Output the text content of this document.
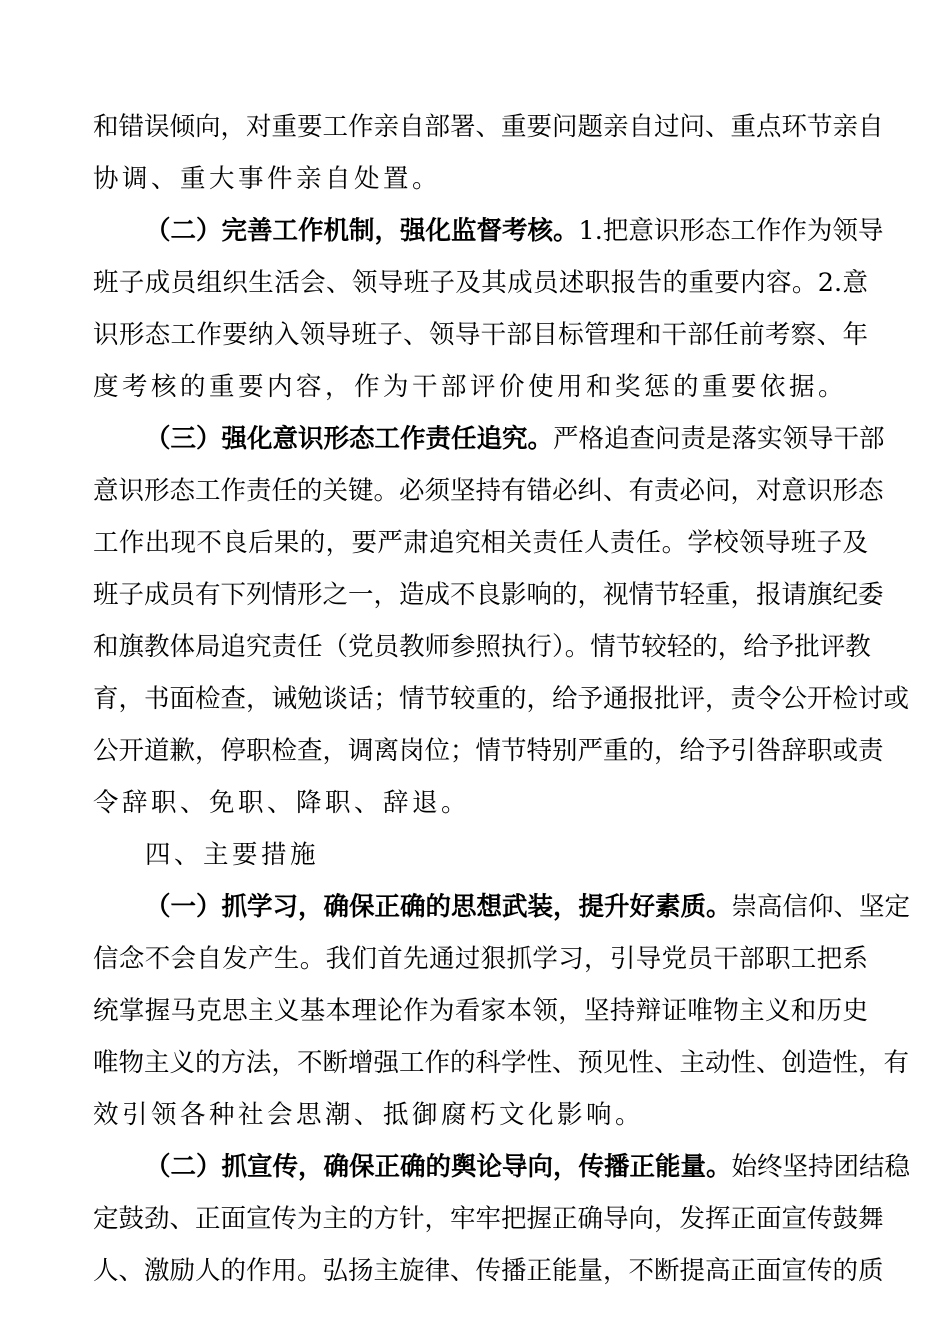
和错误倾向，对重要工作亲自部署、重要问题亲自过问、重点环节亲自
协调、重大事件亲自处置。
（二）完善工作机制，强化监督考核。1.把意识形态工作作为领导
班子成员组织生活会、领导班子及其成员述职报告的重要内容。2.意
识形态工作要纳入领导班子、领导干部目标管理和干部任前考察、年
度考核的重要内容，作为干部评价使用和奖惩的重要依据。
（三）强化意识形态工作责任追究。严格追查问责是落实领导干部
意识形态工作责任的关键。必须坚持有错必纠、有责必问，对意识形态
工作出现不良后果的，要严肃追究相关责任人责任。学校领导班子及
班子成员有下列情形之一，造成不良影响的，视情节轻重，报请旗纪委
和旗教体局追究责任（党员教师参照执行）。情节较轻的，给予批评教
育，书面检查，诫勉谈话；情节较重的，给予通报批评，责令公开检讨或
公开道歉，停职检查，调离岗位；情节特别严重的，给予引咎辞职或责
令辞职、免职、降职、辞退。
四、主要措施
（一）抓学习，确保正确的思想武装，提升好素质。崇高信仰、坚定
信念不会自发产生。我们首先通过狠抓学习，引导党员干部职工把系
统掌握马克思主义基本理论作为看家本领，坚持辩证唯物主义和历史
唯物主义的方法，不断增强工作的科学性、预见性、主动性、创造性，有
效引领各种社会思潮、抵御腐朽文化影响。
（二）抓宣传，确保正确的舆论导向，传播正能量。始终坚持团结稳
定鼓劲、正面宣传为主的方针，牢牢把握正确导向，发挥正面宣传鼓舞
人、激励人的作用。弘扬主旋律、传播正能量，不断提高正面宣传的质
